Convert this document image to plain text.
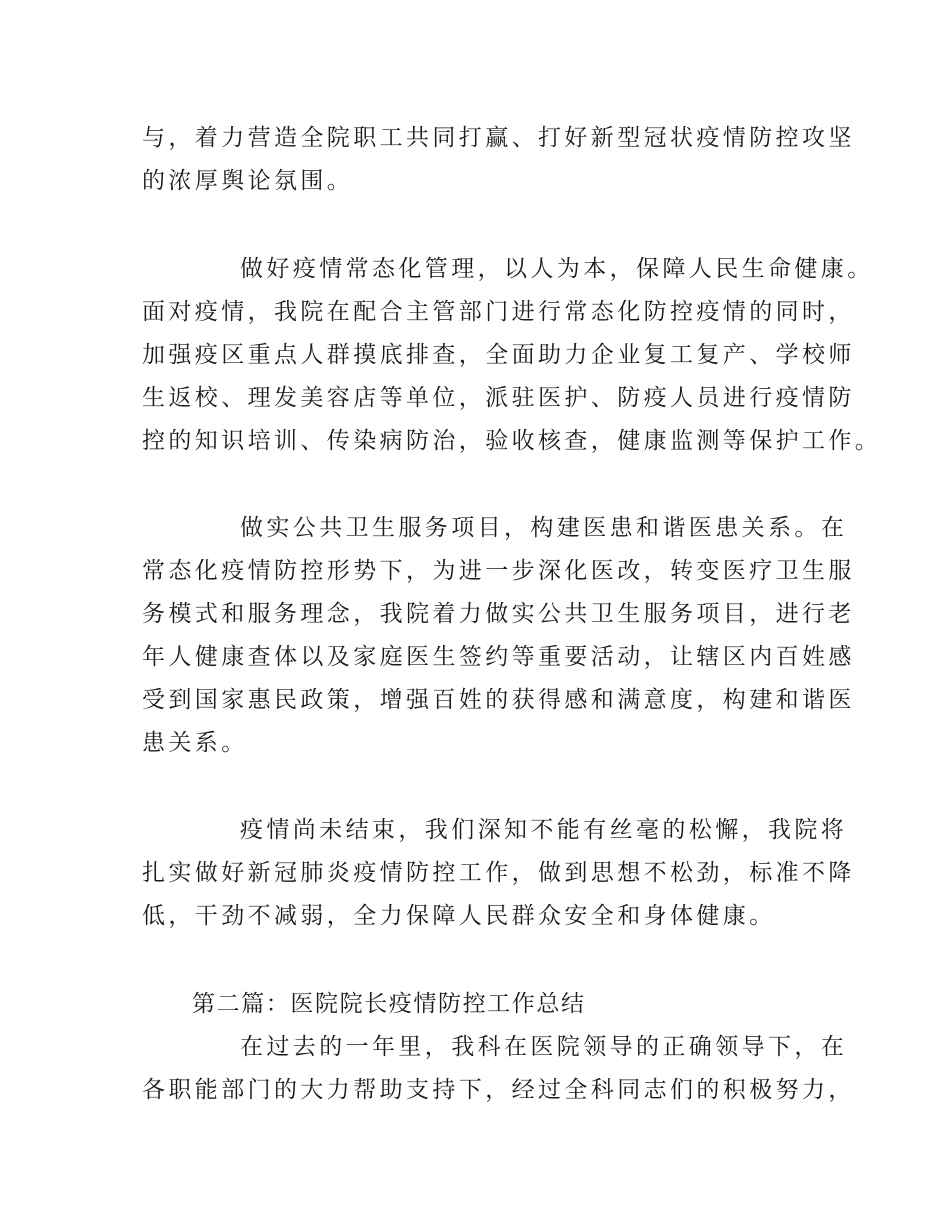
与，着力营造全院职工共同打赢、打好新型冠状疫情防控攻坚
的浓厚舆论氛围。
做好疫情常态化管理，以人为本，保障人民生命健康。
面对疫情，我院在配合主管部门进行常态化防控疫情的同时，
加强疫区重点人群摸底排查，全面助力企业复工复产、学校师
生返校、理发美容店等单位，派驻医护、防疫人员进行疫情防
控的知识培训、传染病防治，验收核查，健康监测等保护工作。
做实公共卫生服务项目，构建医患和谐医患关系。在
常态化疫情防控形势下，为进一步深化医改，转变医疗卫生服
务模式和服务理念，我院着力做实公共卫生服务项目，进行老
年人健康查体以及家庭医生签约等重要活动，让辖区内百姓感
受到国家惠民政策，增强百姓的获得感和满意度，构建和谐医
患关系。
疫情尚未结束，我们深知不能有丝毫的松懈，我院将
扎实做好新冠肺炎疫情防控工作，做到思想不松劲，标准不降
低，干劲不减弱，全力保障人民群众安全和身体健康。
第二篇：医院院长疫情防控工作总结
在过去的一年里，我科在医院领导的正确领导下，在
各职能部门的大力帮助支持下，经过全科同志们的积极努力，
